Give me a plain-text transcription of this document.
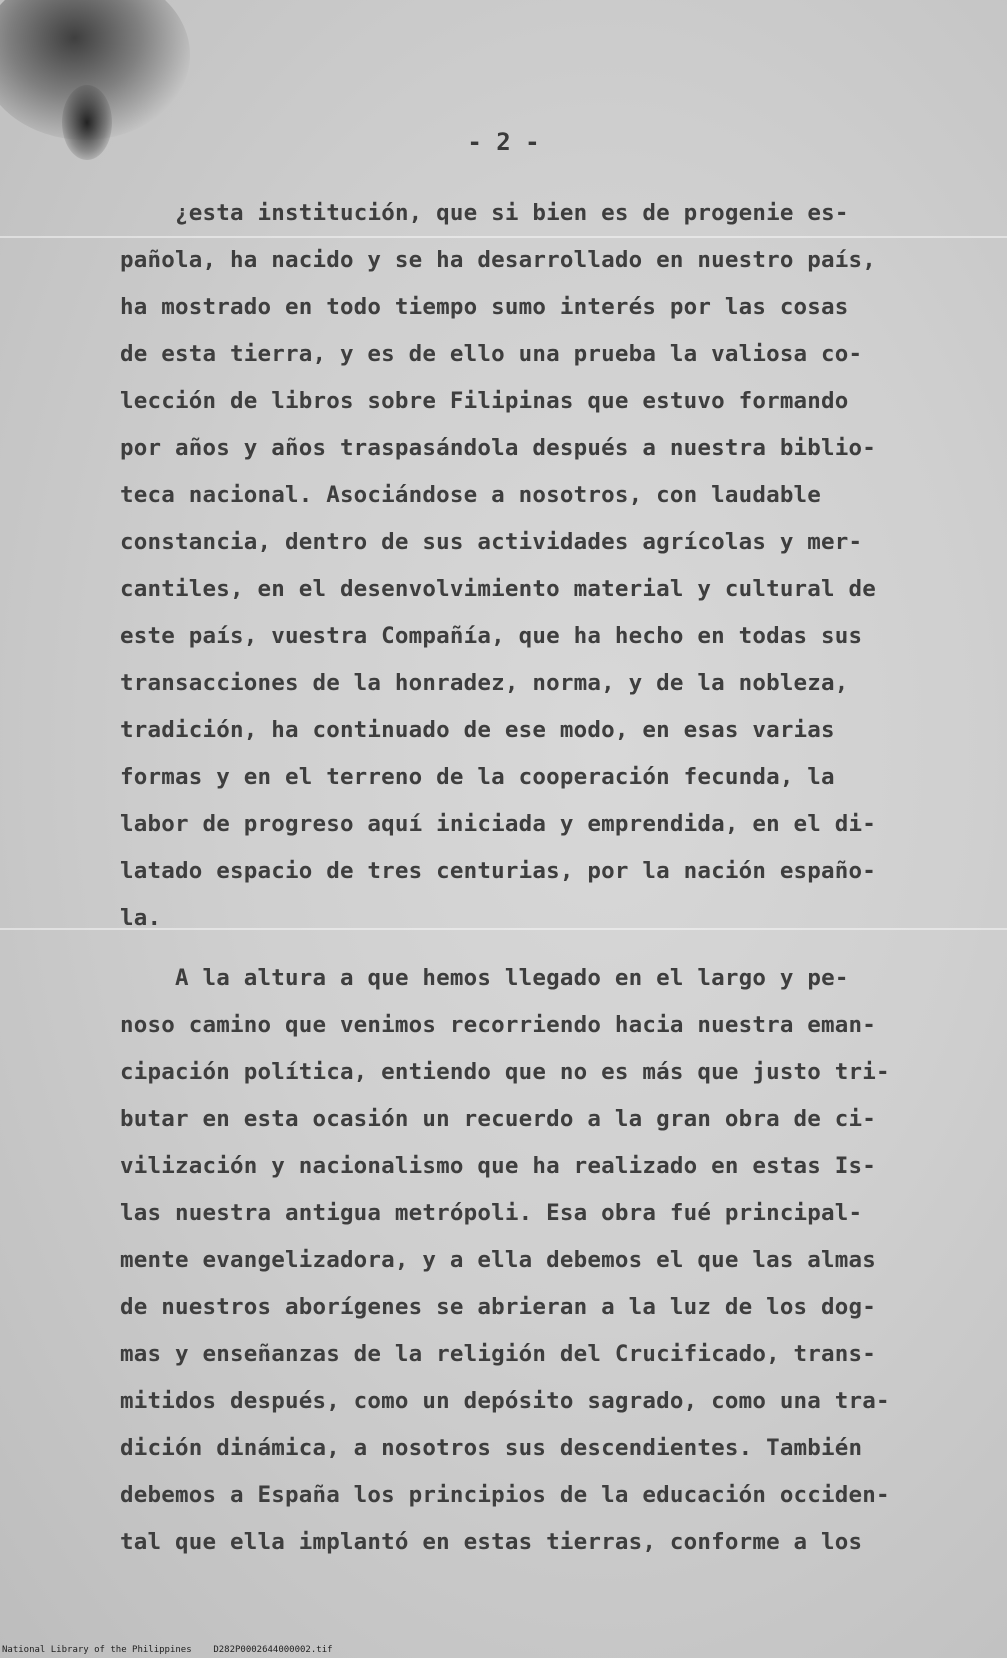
- 2 -
¿esta institución, que si bien es de progenie es-
pañola, ha nacido y se ha desarrollado en nuestro país,
ha mostrado en todo tiempo sumo interés por las cosas
de esta tierra, y es de ello una prueba la valiosa co-
lección de libros sobre Filipinas que estuvo formando
por años y años traspasándola después a nuestra biblio-
teca nacional. Asociándose a nosotros, con laudable
constancia, dentro de sus actividades agrícolas y mer-
cantiles, en el desenvolvimiento material y cultural de
este país, vuestra Compañía, que ha hecho en todas sus
transacciones de la honradez, norma, y de la nobleza,
tradición, ha continuado de ese modo, en esas varias
formas y en el terreno de la cooperación fecunda, la
labor de progreso aquí iniciada y emprendida, en el di-
latado espacio de tres centurias, por la nación españo-
la.
A la altura a que hemos llegado en el largo y pe-
noso camino que venimos recorriendo hacia nuestra eman-
cipación política, entiendo que no es más que justo tri-
butar en esta ocasión un recuerdo a la gran obra de ci-
vilización y nacionalismo que ha realizado en estas Is-
las nuestra antigua metrópoli. Esa obra fué principal-
mente evangelizadora, y a ella debemos el que las almas
de nuestros aborígenes se abrieran a la luz de los dog-
mas y enseñanzas de la religión del Crucificado, trans-
mitidos después, como un depósito sagrado, como una tra-
dición dinámica, a nosotros sus descendientes. También
debemos a España los principios de la educación occiden-
tal que ella implantó en estas tierras, conforme a los
National Library of the Philippines    D282P0002644000002.tif
